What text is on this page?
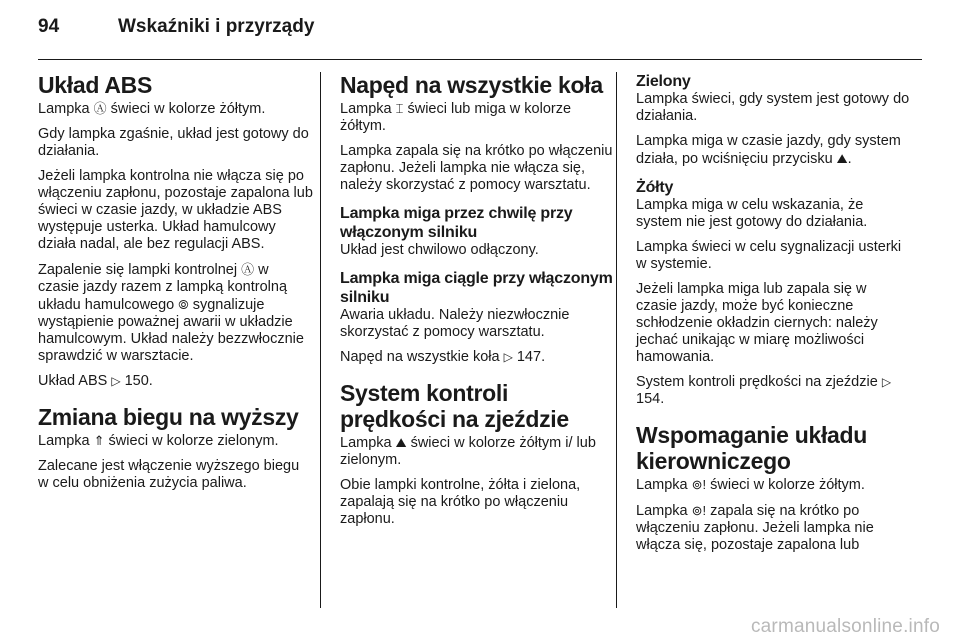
94	Wskaźniki i przyrządy
Układ ABS

Lampka Ⓐ świeci w kolorze żółtym.

Gdy lampka zgaśnie, układ jest gotowy do działania.

Jeżeli lampka kontrolna nie włącza się po włączeniu zapłonu, pozostaje zapalona lub świeci w czasie jazdy, w układzie ABS występuje usterka. Układ hamulcowy działa nadal, ale bez regulacji ABS.

Zapalenie się lampki kontrolnej Ⓐ w czasie jazdy razem z lampką kontrolną układu hamulcowego ⦾ sygnalizuje wystąpienie poważnej awarii w układzie hamulcowym. Układ należy bezzwłocznie sprawdzić w warsztacie.

Układ ABS ▷ 150.

Zmiana biegu na wyższy

Lampka ⇑ świeci w kolorze zielonym.

Zalecane jest włączenie wyższego biegu w celu obniżenia zużycia paliwa.

Napęd na wszystkie koła

Lampka ⌶ świeci lub miga w kolorze żółtym.

Lampka zapala się na krótko po włączeniu zapłonu. Jeżeli lampka nie włącza się, należy skorzystać z pomocy warsztatu.

Lampka miga przez chwilę przy włączonym silniku

Układ jest chwilowo odłączony.

Lampka miga ciągle przy włączonym silniku

Awaria układu. Należy niezwłocznie skorzystać z pomocy warsztatu.

Napęd na wszystkie koła ▷ 147.

System kontroli prędkości na zjeździe

Lampka ⛰ świeci w kolorze żółtym i/ lub zielonym.

Obie lampki kontrolne, żółta i zielona, zapalają się na krótko po włączeniu zapłonu.

Zielony

Lampka świeci, gdy system jest gotowy do działania.

Lampka miga w czasie jazdy, gdy system działa, po wciśnięciu przycisku ⛰.

Żółty

Lampka miga w celu wskazania, że system nie jest gotowy do działania.

Lampka świeci w celu sygnalizacji usterki w systemie.

Jeżeli lampka miga lub zapala się w czasie jazdy, może być konieczne schłodzenie okładzin ciernych: należy jechać unikając w miarę możliwości hamowania.

System kontroli prędkości na zjeździe ▷ 154.

Wspomaganie układu kierowniczego

Lampka ⊚! świeci w kolorze żółtym.

Lampka ⊚! zapala się na krótko po włączeniu zapłonu. Jeżeli lampka nie włącza się, pozostaje zapalona lub

carmanualsonline.info
